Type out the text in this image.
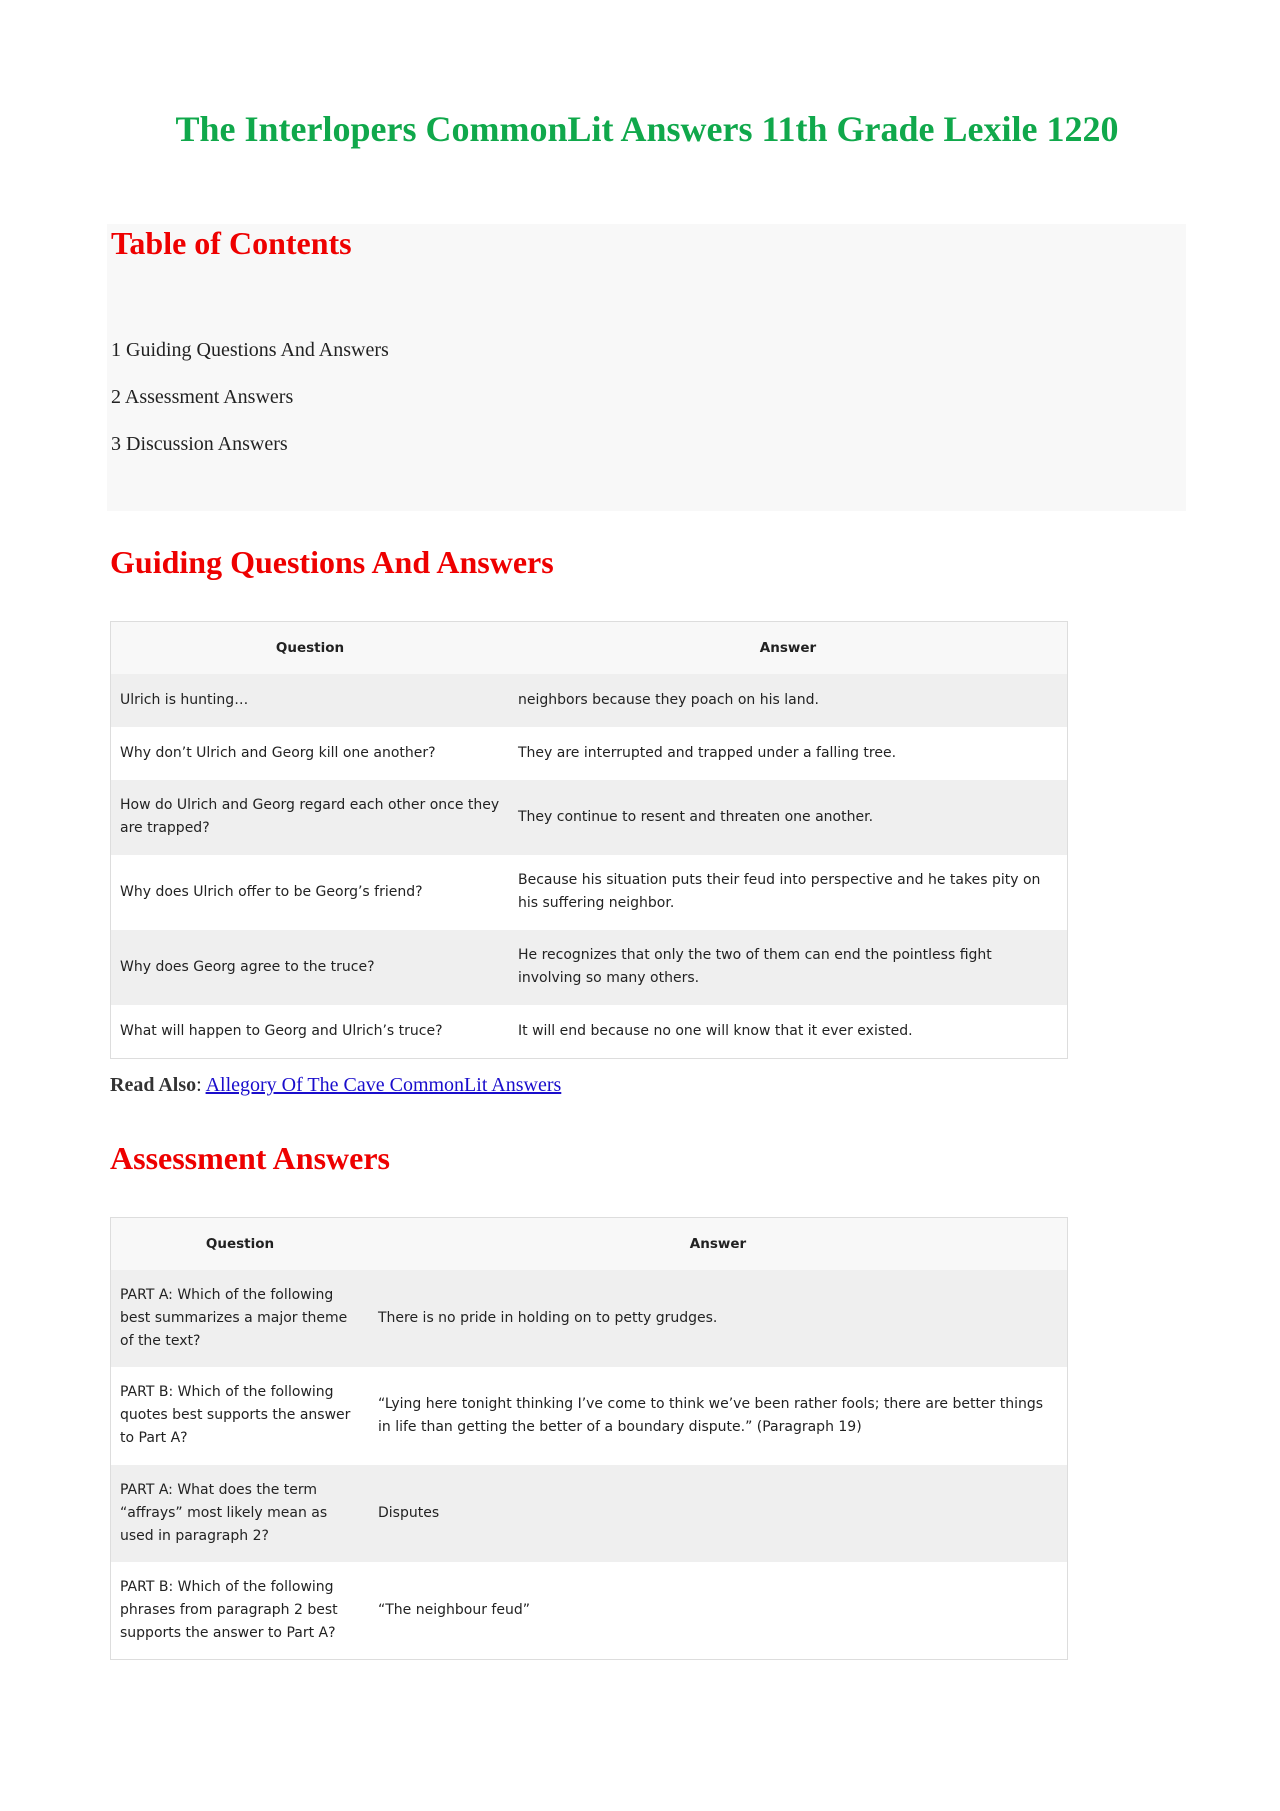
The Interlopers CommonLit Answers 11th Grade Lexile 1220
Table of Contents
1 Guiding Questions And Answers
2 Assessment Answers
3 Discussion Answers
Guiding Questions And Answers
Question	Answer
Ulrich is hunting…	neighbors because they poach on his land.
Why don’t Ulrich and Georg kill one another?	They are interrupted and trapped under a falling tree.
How do Ulrich and Georg regard each other once they are trapped?	They continue to resent and threaten one another.
Why does Ulrich offer to be Georg’s friend?	Because his situation puts their feud into perspective and he takes pity on his suffering neighbor.
Why does Georg agree to the truce?	He recognizes that only the two of them can end the pointless fight involving so many others.
What will happen to Georg and Ulrich’s truce?	It will end because no one will know that it ever existed.

Read Also: Allegory Of The Cave CommonLit Answers

Assessment Answers
Question	Answer
PART A: Which of the following best summarizes a major theme of the text?	There is no pride in holding on to petty grudges.
PART B: Which of the following quotes best supports the answer to Part A?	“Lying here tonight thinking I’ve come to think we’ve been rather fools; there are better things in life than getting the better of a boundary dispute.” (Paragraph 19)
PART A: What does the term “affrays” most likely mean as used in paragraph 2?	Disputes
PART B: Which of the following phrases from paragraph 2 best supports the answer to Part A?	“The neighbour feud”
